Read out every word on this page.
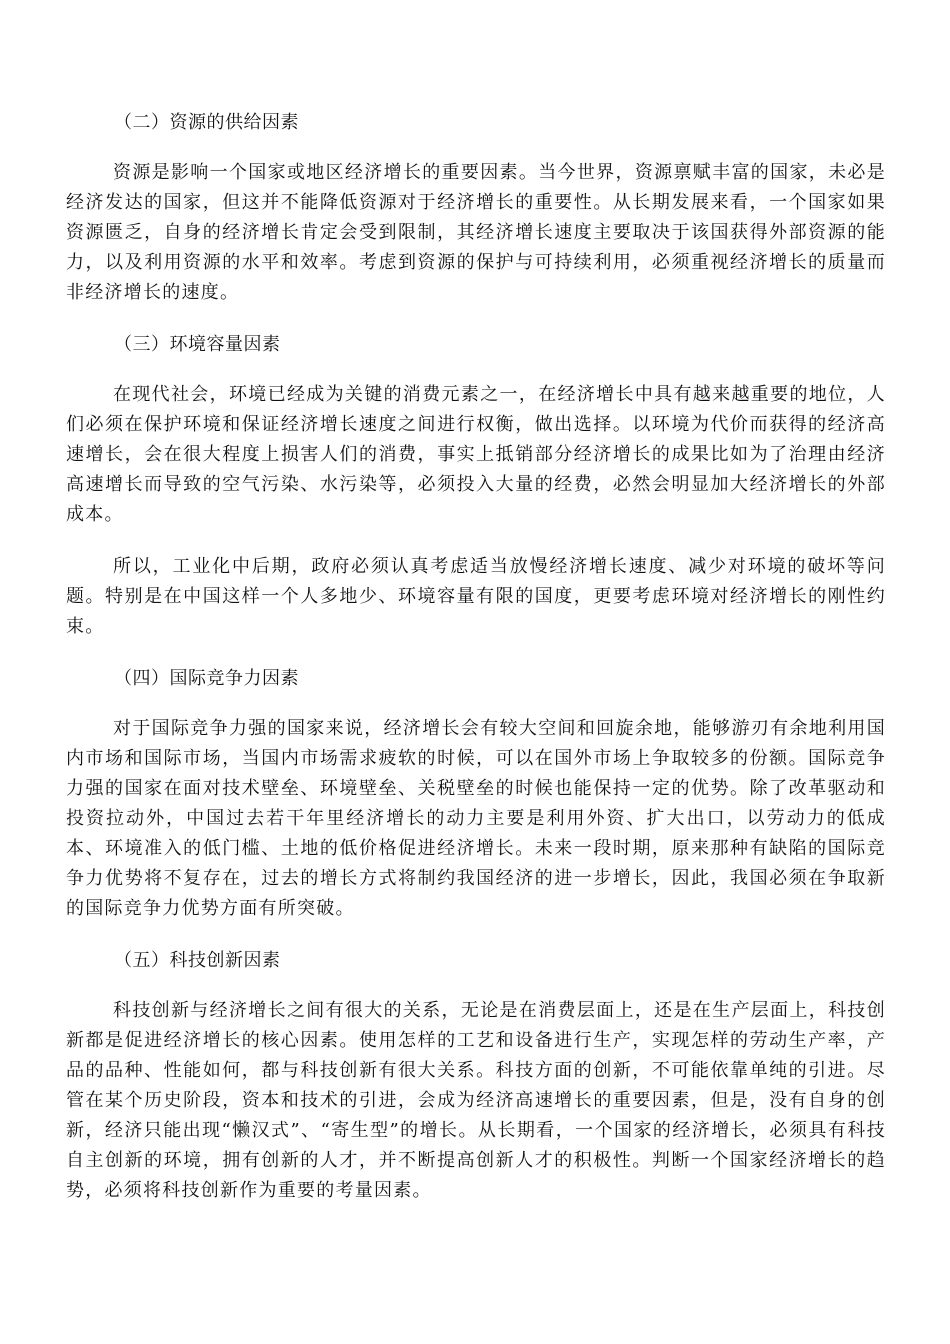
（二）资源的供给因素

资源是影响一个国家或地区经济增长的重要因素。当今世界，资源禀赋丰富的国家，未必是经济发达的国家，但这并不能降低资源对于经济增长的重要性。从长期发展来看，一个国家如果资源匮乏，自身的经济增长肯定会受到限制，其经济增长速度主要取决于该国获得外部资源的能力，以及利用资源的水平和效率。考虑到资源的保护与可持续利用，必须重视经济增长的质量而非经济增长的速度。

（三）环境容量因素

在现代社会，环境已经成为关键的消费元素之一，在经济增长中具有越来越重要的地位，人们必须在保护环境和保证经济增长速度之间进行权衡，做出选择。以环境为代价而获得的经济高速增长，会在很大程度上损害人们的消费，事实上抵销部分经济增长的成果比如为了治理由经济高速增长而导致的空气污染、水污染等，必须投入大量的经费，必然会明显加大经济增长的外部成本。

所以，工业化中后期，政府必须认真考虑适当放慢经济增长速度、减少对环境的破坏等问题。特别是在中国这样一个人多地少、环境容量有限的国度，更要考虑环境对经济增长的刚性约束。

（四）国际竞争力因素

对于国际竞争力强的国家来说，经济增长会有较大空间和回旋余地，能够游刃有余地利用国内市场和国际市场，当国内市场需求疲软的时候，可以在国外市场上争取较多的份额。国际竞争力强的国家在面对技术壁垒、环境壁垒、关税壁垒的时候也能保持一定的优势。除了改革驱动和投资拉动外，中国过去若干年里经济增长的动力主要是利用外资、扩大出口，以劳动力的低成本、环境准入的低门槛、土地的低价格促进经济增长。未来一段时期，原来那种有缺陷的国际竞争力优势将不复存在，过去的增长方式将制约我国经济的进一步增长，因此，我国必须在争取新的国际竞争力优势方面有所突破。

（五）科技创新因素

科技创新与经济增长之间有很大的关系，无论是在消费层面上，还是在生产层面上，科技创新都是促进经济增长的核心因素。使用怎样的工艺和设备进行生产，实现怎样的劳动生产率，产品的品种、性能如何，都与科技创新有很大关系。科技方面的创新，不可能依靠单纯的引进。尽管在某个历史阶段，资本和技术的引进，会成为经济高速增长的重要因素，但是，没有自身的创新，经济只能出现“懒汉式”、“寄生型”的增长。从长期看，一个国家的经济增长，必须具有科技自主创新的环境，拥有创新的人才，并不断提高创新人才的积极性。判断一个国家经济增长的趋势，必须将科技创新作为重要的考量因素。
